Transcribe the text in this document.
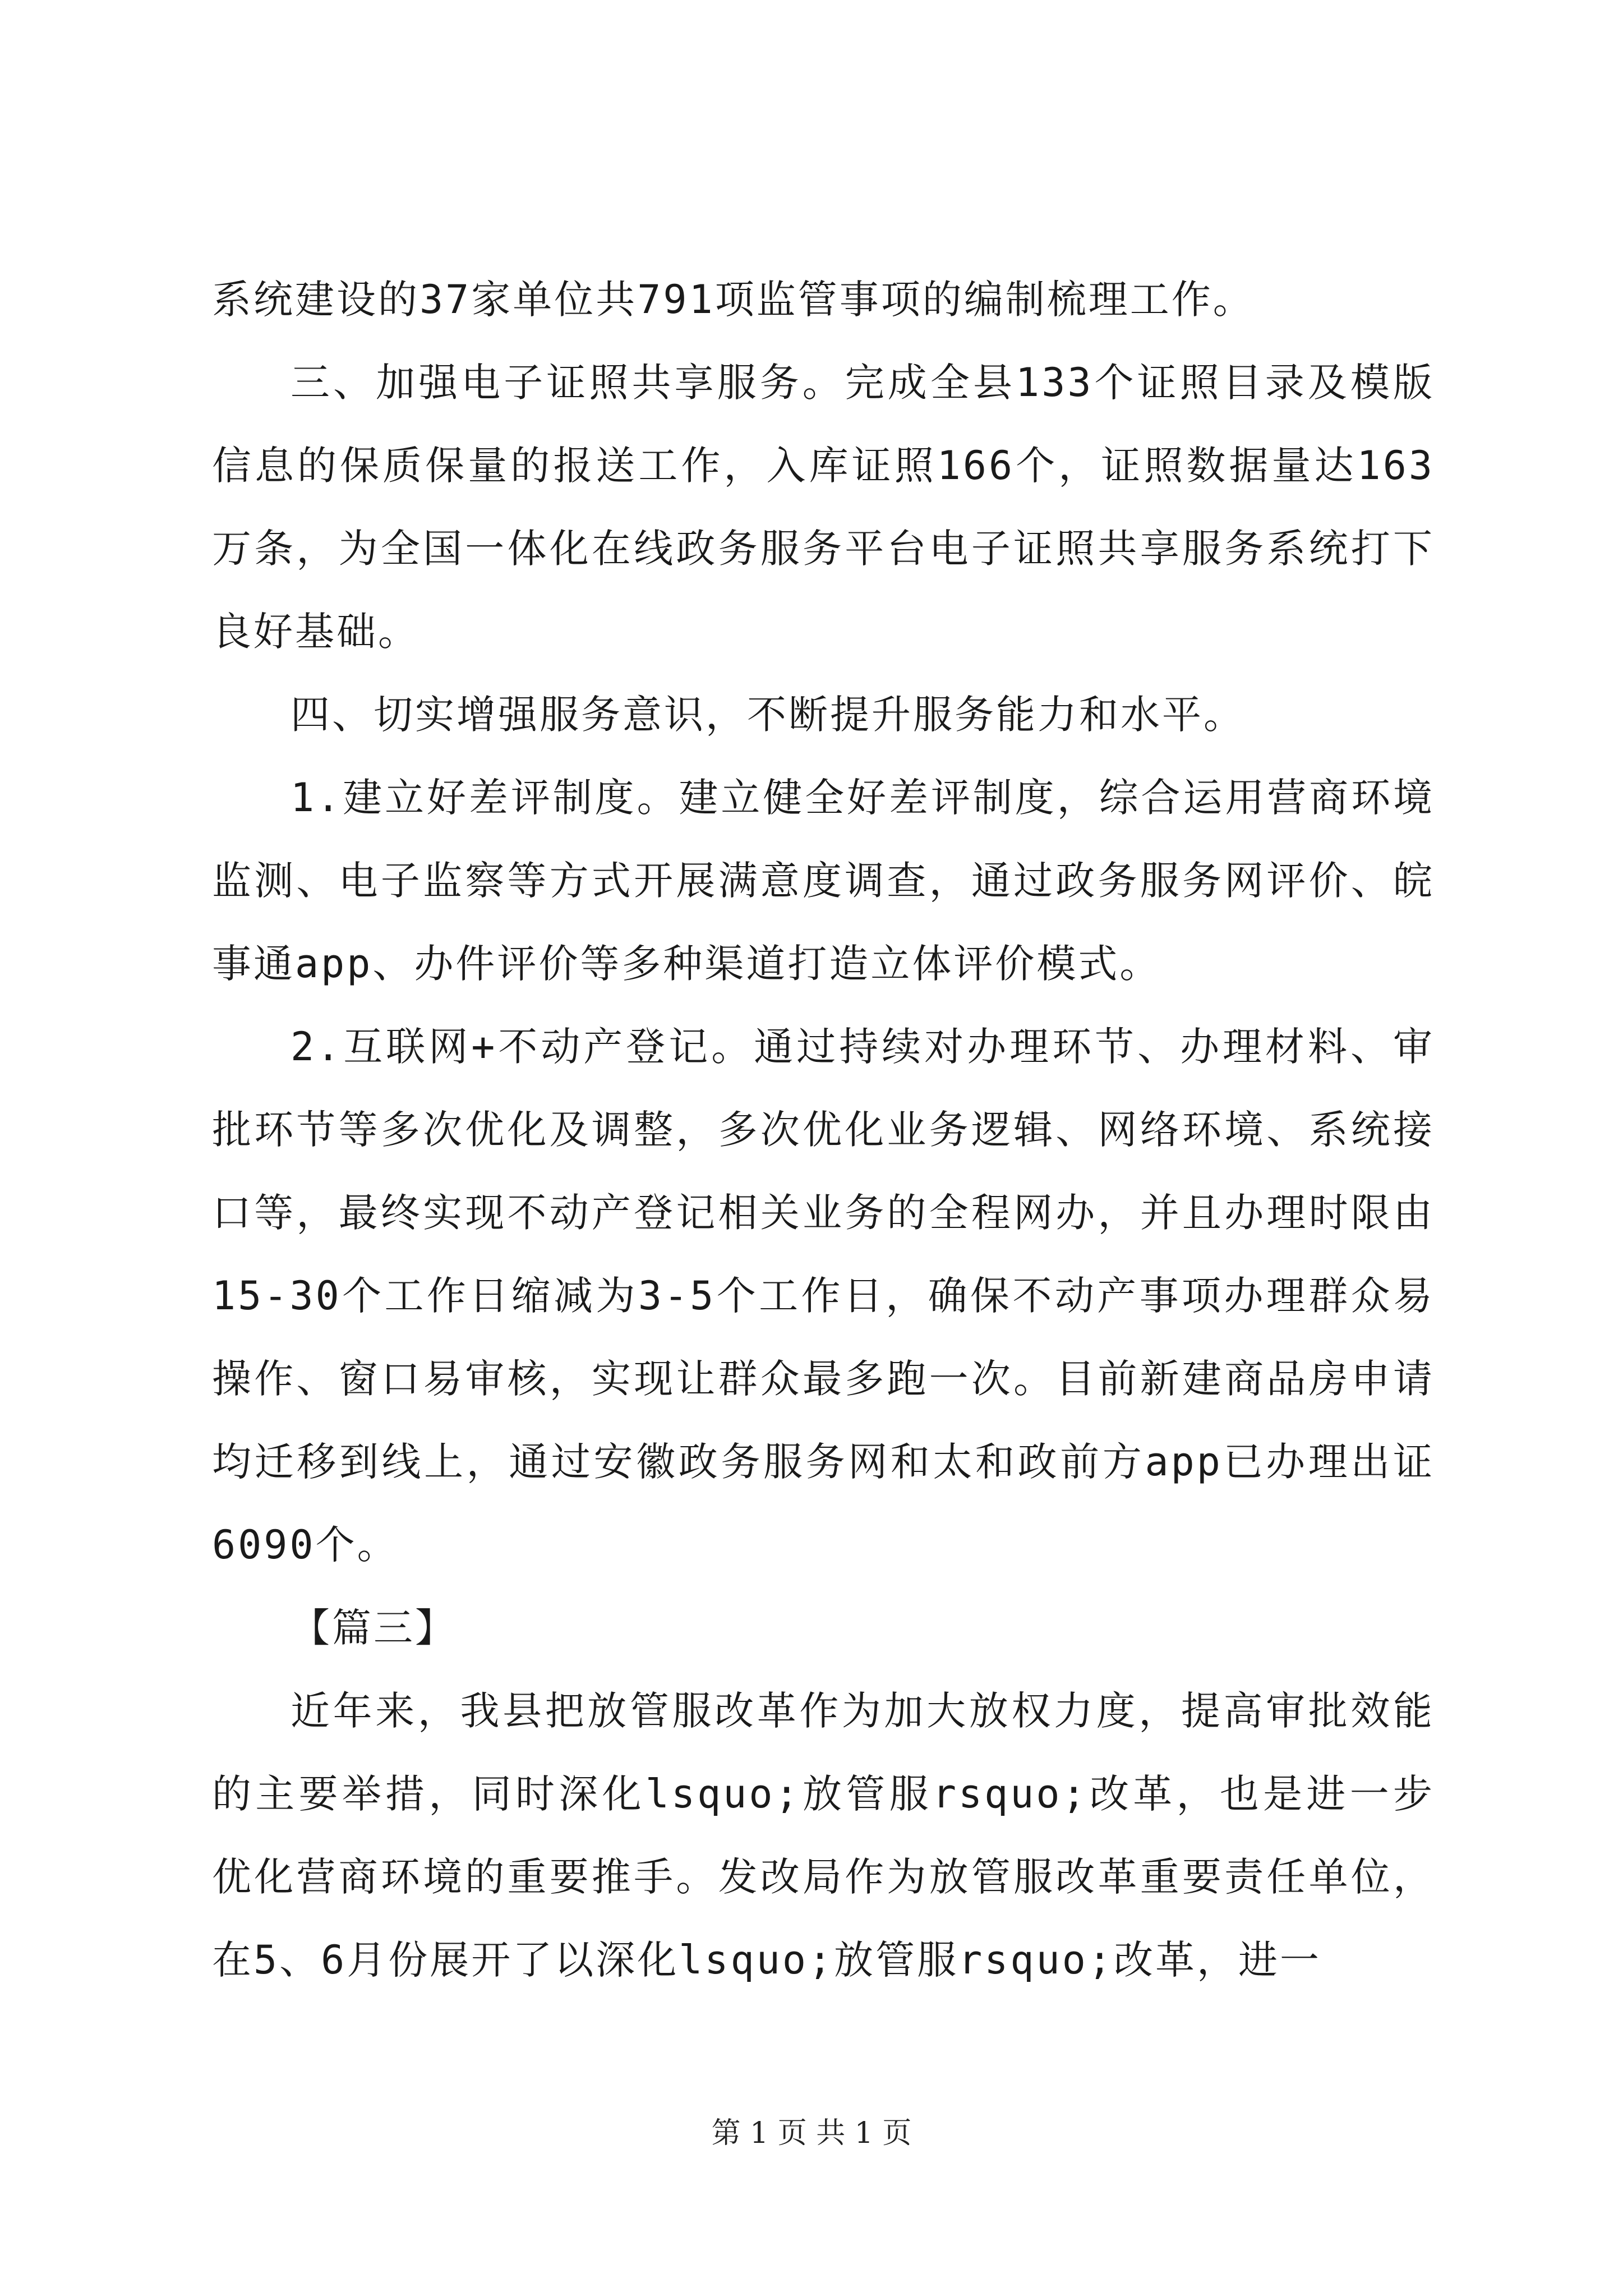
系统建设的37家单位共791项监管事项的编制梳理工作。

三、加强电子证照共享服务。完成全县133个证照目录及模版信息的保质保量的报送工作，入库证照166个，证照数据量达163万条，为全国一体化在线政务服务平台电子证照共享服务系统打下良好基础。

四、切实增强服务意识，不断提升服务能力和水平。

1.建立好差评制度。建立健全好差评制度，综合运用营商环境监测、电子监察等方式开展满意度调查，通过政务服务网评价、皖事通app、办件评价等多种渠道打造立体评价模式。

2.互联网+不动产登记。通过持续对办理环节、办理材料、审批环节等多次优化及调整，多次优化业务逻辑、网络环境、系统接口等，最终实现不动产登记相关业务的全程网办，并且办理时限由15-30个工作日缩减为3-5个工作日，确保不动产事项办理群众易操作、窗口易审核，实现让群众最多跑一次。目前新建商品房申请均迁移到线上，通过安徽政务服务网和太和政前方app已办理出证6090个。

【篇三】

近年来，我县把放管服改革作为加大放权力度，提高审批效能的主要举措，同时深化lsquo;放管服rsquo;改革，也是进一步优化营商环境的重要推手。发改局作为放管服改革重要责任单位，在5、6月份展开了以深化lsquo;放管服rsquo;改革，进一

第 1 页 共 1 页
